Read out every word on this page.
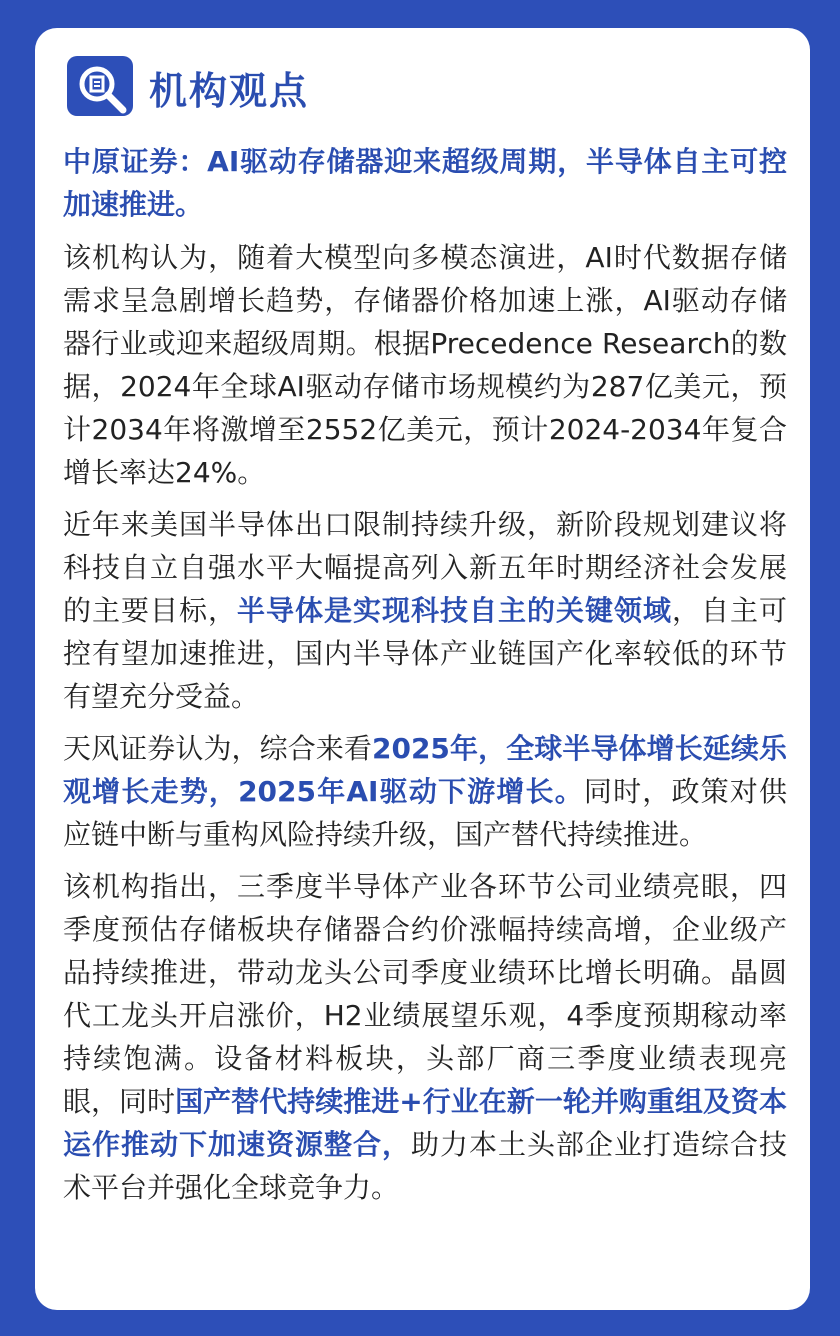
机构观点

中原证券：AI驱动存储器迎来超级周期，半导体自主可控加速推进。

该机构认为，随着大模型向多模态演进，AI时代数据存储需求呈急剧增长趋势，存储器价格加速上涨，AI驱动存储器行业或迎来超级周期。根据Precedence Research的数据，2024年全球AI驱动存储市场规模约为287亿美元，预计2034年将激增至2552亿美元，预计2024-2034年复合增长率达24%。

近年来美国半导体出口限制持续升级，新阶段规划建议将科技自立自强水平大幅提高列入新五年时期经济社会发展的主要目标，半导体是实现科技自主的关键领域，自主可控有望加速推进，国内半导体产业链国产化率较低的环节有望充分受益。

天风证券认为，综合来看2025年，全球半导体增长延续乐观增长走势，2025年AI驱动下游增长。同时，政策对供应链中断与重构风险持续升级，国产替代持续推进。

该机构指出，三季度半导体产业各环节公司业绩亮眼，四季度预估存储板块存储器合约价涨幅持续高增，企业级产品持续推进，带动龙头公司季度业绩环比增长明确。晶圆代工龙头开启涨价，H2业绩展望乐观，4季度预期稼动率持续饱满。设备材料板块，头部厂商三季度业绩表现亮眼，同时国产替代持续推进+行业在新一轮并购重组及资本运作推动下加速资源整合，助力本土头部企业打造综合技术平台并强化全球竞争力。
